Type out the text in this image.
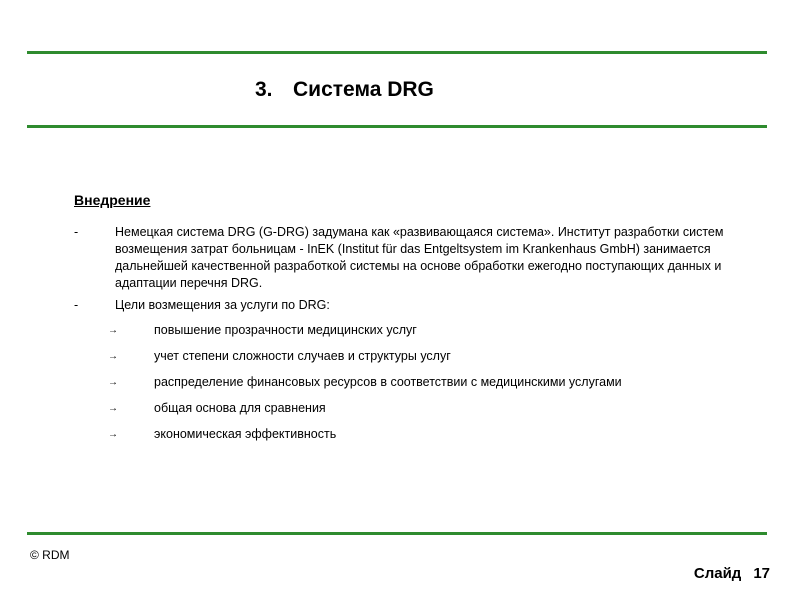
3. Система DRG
Внедрение
-	Немецкая система DRG (G-DRG) задумана как «развивающаяся система». Институт разработки систем возмещения затрат больницам - InEK (Institut für das Entgeltsystem im Krankenhaus GmbH) занимается дальнейшей качественной разработкой системы на основе обработки ежегодно поступающих данных и адаптации перечня DRG.
-	Цели возмещения за услуги по DRG:
→	повышение прозрачности медицинских услуг
→	учет степени сложности случаев и структуры услуг
→	распределение финансовых ресурсов в соответствии с медицинскими услугами
→	общая основа для сравнения
→	экономическая эффективность
© RDM
Слайд 17
